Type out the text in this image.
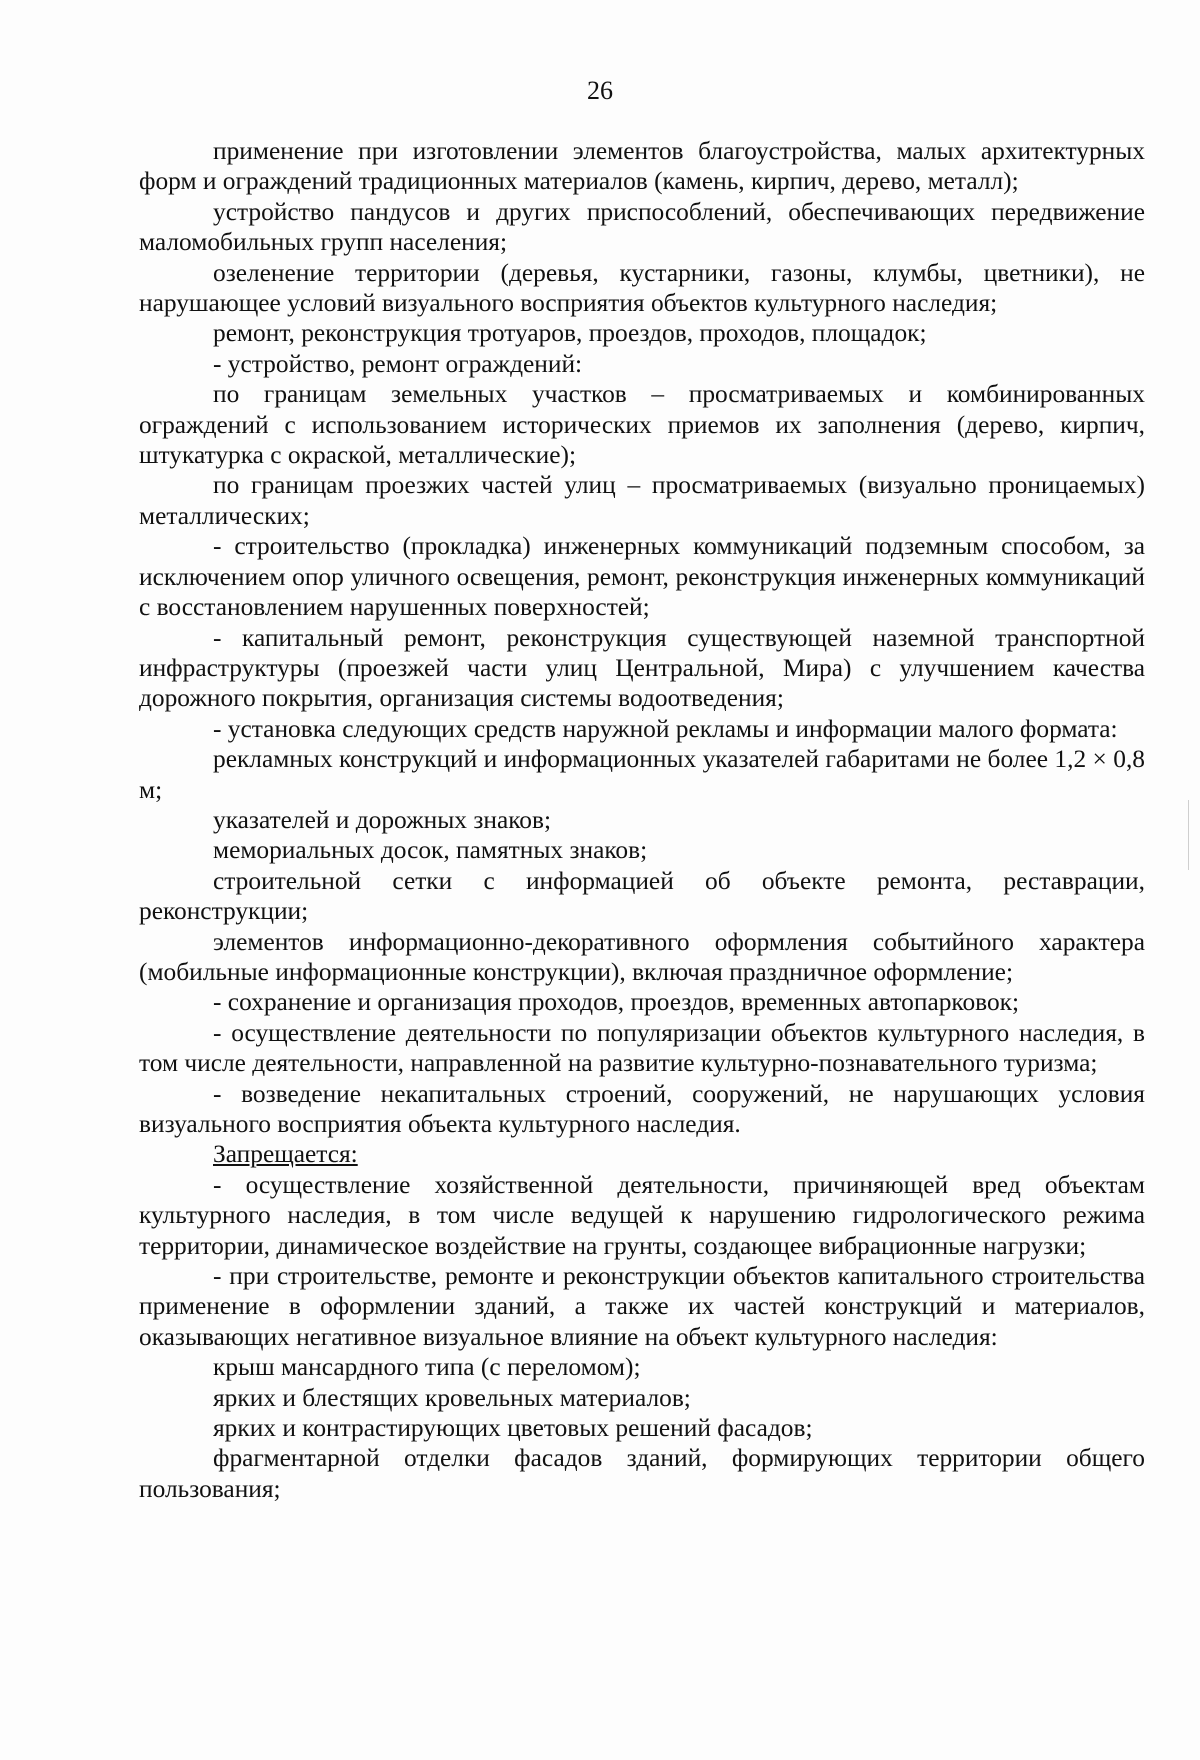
26

применение при изготовлении элементов благоустройства, малых архитектурных форм и ограждений традиционных материалов (камень, кирпич, дерево, металл);

устройство пандусов и других приспособлений, обеспечивающих передвижение маломобильных групп населения;

озеленение территории (деревья, кустарники, газоны, клумбы, цветники), не нарушающее условий визуального восприятия объектов культурного наследия;

ремонт, реконструкция тротуаров, проездов, проходов, площадок;

- устройство, ремонт ограждений:

по границам земельных участков – просматриваемых и комбинированных ограждений с использованием исторических приемов их заполнения (дерево, кирпич, штукатурка с окраской, металлические);

по границам проезжих частей улиц – просматриваемых (визуально проницаемых) металлических;

- строительство (прокладка) инженерных коммуникаций подземным способом, за исключением опор уличного освещения, ремонт, реконструкция инженерных коммуникаций с восстановлением нарушенных поверхностей;

- капитальный ремонт, реконструкция существующей наземной транспортной инфраструктуры (проезжей части улиц Центральной, Мира) с улучшением качества дорожного покрытия, организация системы водоотведения;

- установка следующих средств наружной рекламы и информации малого формата:

рекламных конструкций и информационных указателей габаритами не более 1,2 × 0,8 м;

указателей и дорожных знаков;

мемориальных досок, памятных знаков;

строительной сетки с информацией об объекте ремонта, реставрации, реконструкции;

элементов информационно-декоративного оформления событийного характера (мобильные информационные конструкции), включая праздничное оформление;

- сохранение и организация проходов, проездов, временных автопарковок;

- осуществление деятельности по популяризации объектов культурного наследия, в том числе деятельности, направленной на развитие культурно-познавательного туризма;

- возведение некапитальных строений, сооружений, не нарушающих условия визуального восприятия объекта культурного наследия.

Запрещается:

- осуществление хозяйственной деятельности, причиняющей вред объектам культурного наследия, в том числе ведущей к нарушению гидрологического режима территории, динамическое воздействие на грунты, создающее вибрационные нагрузки;

- при строительстве, ремонте и реконструкции объектов капитального строительства применение в оформлении зданий, а также их частей конструкций и материалов, оказывающих негативное визуальное влияние на объект культурного наследия:

крыш мансардного типа (с переломом);

ярких и блестящих кровельных материалов;

ярких и контрастирующих цветовых решений фасадов;

фрагментарной отделки фасадов зданий, формирующих территории общего пользования;
